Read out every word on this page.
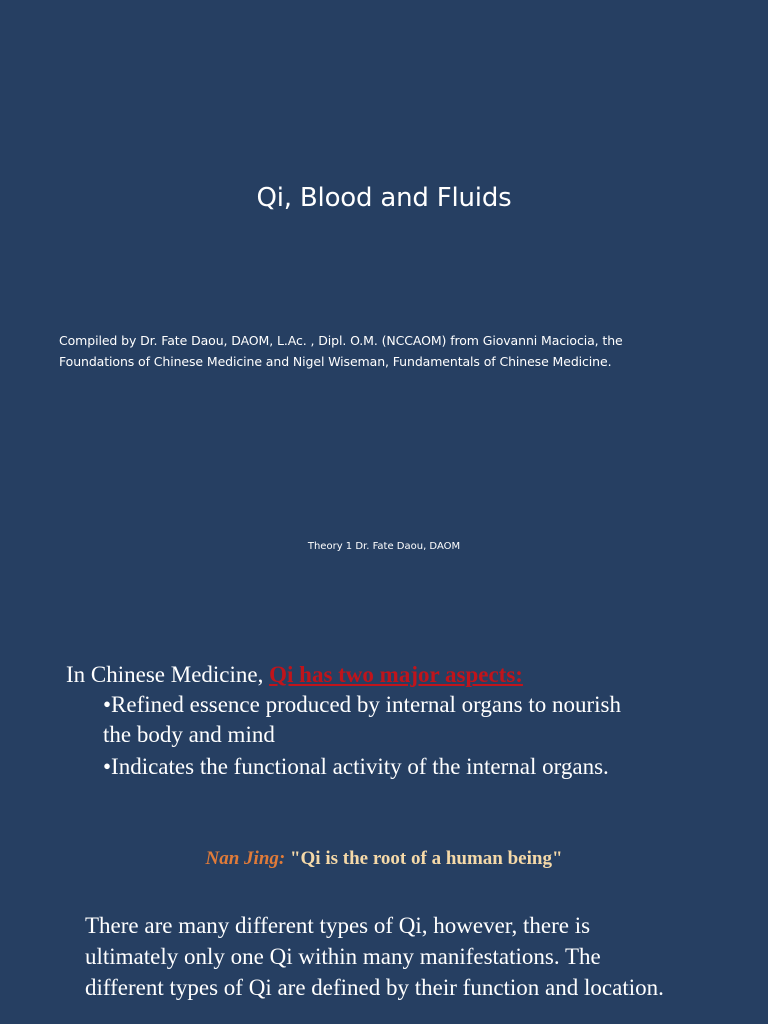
Qi, Blood and Fluids
Compiled by Dr. Fate Daou, DAOM, L.Ac. , Dipl. O.M. (NCCAOM) from Giovanni Maciocia, the
Foundations of Chinese Medicine and Nigel Wiseman, Fundamentals of Chinese Medicine.
Theory 1 Dr. Fate Daou, DAOM
In Chinese Medicine, Qi has two major aspects:
•Refined essence produced by internal organs to nourish the body and mind
•Indicates the functional activity of the internal organs.
Nan Jing: "Qi is the root of a human being"
There are many different types of Qi, however, there is ultimately only one Qi within many manifestations. The different types of Qi are defined by their function and location.
